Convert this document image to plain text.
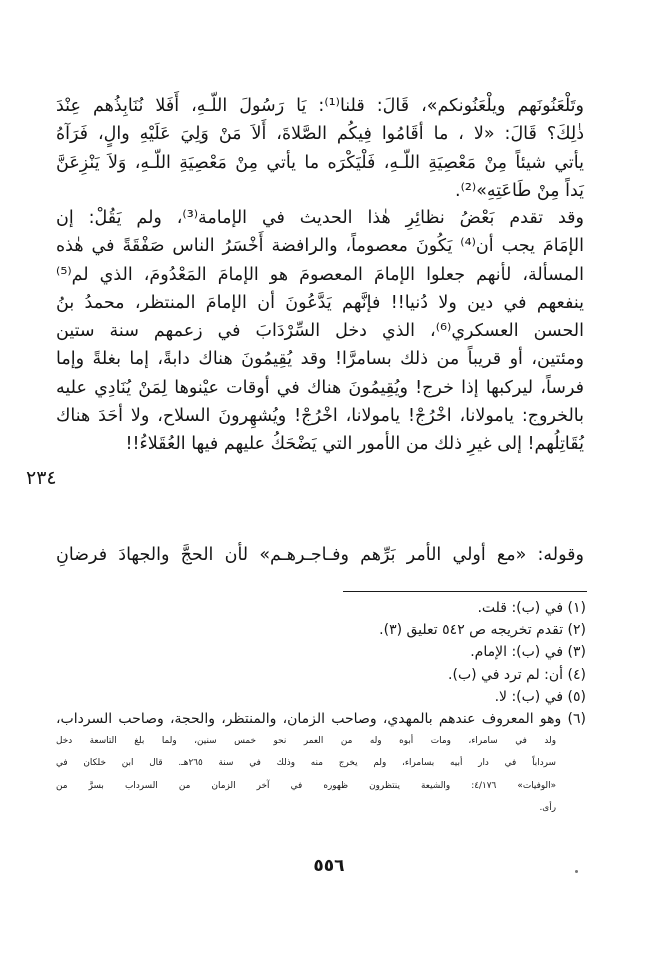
وتَلْعَنُونَهم ويلْعَنُونكم»، قَالَ: قلنا⁽¹⁾: يَا رَسُولَ اللّـهِ، أَفَلا نُنَابِذُهم عِنْدَ
ذٰلِكَ؟ قَالَ: «لا ، ما أقَامُوا فِيكُم الصَّلاةَ، أَلاَ مَنْ وَلِيَ عَلَيْهِ والٍ، فَرَآهُ
يأتي شيئاً مِنْ مَعْصِيَةِ اللّـهِ، فَلْيَكْرَه ما يأتي مِنْ مَعْصِيَةِ اللّـهِ، وَلاَ يَنْزِعَنَّ
يَداً مِنْ طَاعَتِهِ»⁽²⁾.
وقد تقدم بَعْضُ نظائِرِ هٰذا الحديث في الإمامة⁽³⁾، ولم يَقُلْ: إن
الإمَامَ يجب أن⁽⁴⁾ يَكُونَ معصوماً، والرافضة أَخْسَرُ الناس صَفْقَةً في هٰذه
المسألة، لأنهم جعلوا الإمامَ المعصومَ هو الإمامَ المَعْدُومَ، الذي لم⁽⁵⁾
ينفعهم في دين ولا دُنيا!! فإنَّهم يَدَّعُونَ أن الإمامَ المنتظر، محمدُ بنُ
الحسن العسكري⁽⁶⁾، الذي دخل السِّرْدَابَ في زعمهم سنة ستين
ومئتين، أو قريباً من ذلك بسامرَّا! وقد يُقِيمُونَ هناك دابةً، إما بغلةً وإما
فرساً، ليركبها إذا خرج! ويُقِيمُونَ هناك في أوقات عيْنوها لِمَنْ يُنَادِي عليه
بالخروج: يامولانا، اخْرُجْ! يامولانا، اخْرُجْ! ويُشهِرونَ السلاح، ولا أحَدَ هناك
يُقَاتِلُهم! إلى غيرِ ذلك من الأمور التي يَضْحَكُ عليهم فيها العُقَلاءُ!!
٢٣٤
وقوله: «مع أولي الأمر بَرِّهم وفـاجـرهـم» لأن الحجَّ والجهادَ فرضانِ
(١) في (ب): قلت.
(٢) تقدم تخريجه ص ٥٤٢ تعليق (٣).
(٣) في (ب): الإمام.
(٤) أن: لم ترد في (ب).
(٥) في (ب): لا.
(٦) وهو المعروف عندهم بالمهدي، وصاحب الزمان، والمنتظر، والحجة، وصاحب السرداب،
ولد في سامراء، ومات أبوه وله من العمر نحو خمس سنين، ولما بلغ التاسعة دخل
سرداباً في دار أبيه بسامراء، ولم يخرج منه وذلك في سنة ٢٦٥هـ. قال ابن خلكان في
«الوفيات» ٤/١٧٦: والشيعة ينتظرون ظهوره في آخر الزمان من السرداب بسرَّ من
رأى.
٥٥٦
